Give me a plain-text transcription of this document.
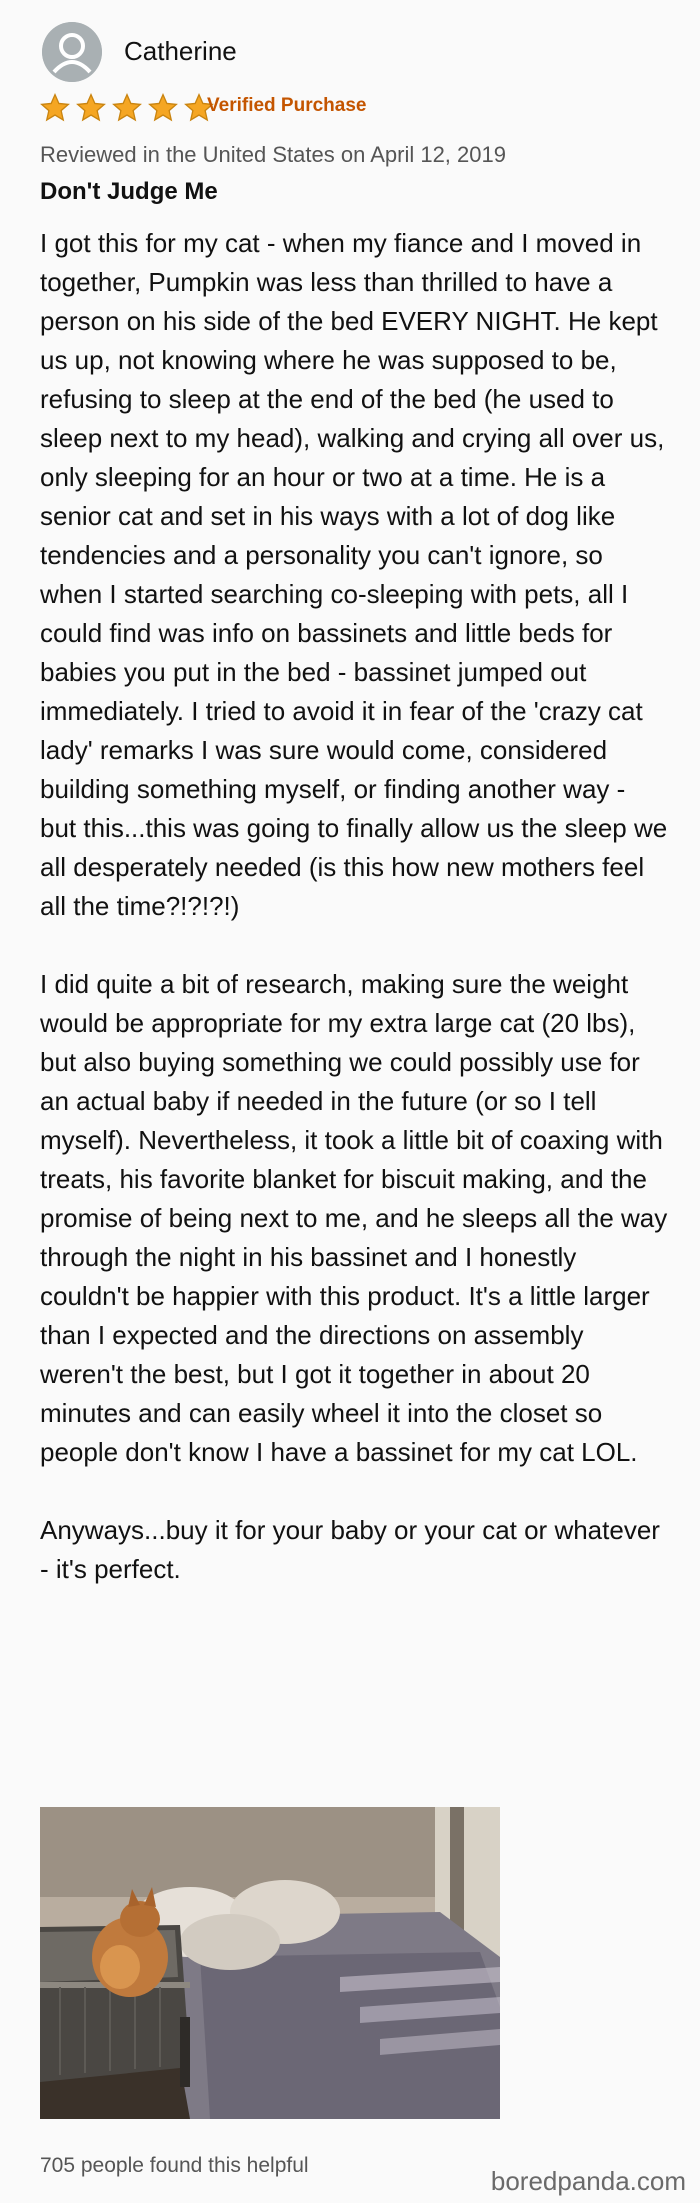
Catherine
Verified Purchase
Reviewed in the United States on April 12, 2019
Don't Judge Me

I got this for my cat - when my fiance and I moved in together, Pumpkin was less than thrilled to have a person on his side of the bed EVERY NIGHT. He kept us up, not knowing where he was supposed to be, refusing to sleep at the end of the bed (he used to sleep next to my head), walking and crying all over us, only sleeping for an hour or two at a time. He is a senior cat and set in his ways with a lot of dog like tendencies and a personality you can't ignore, so when I started searching co-sleeping with pets, all I could find was info on bassinets and little beds for babies you put in the bed - bassinet jumped out immediately. I tried to avoid it in fear of the 'crazy cat lady' remarks I was sure would come, considered building something myself, or finding another way - but this...this was going to finally allow us the sleep we all desperately needed (is this how new mothers feel all the time?!?!?!)

I did quite a bit of research, making sure the weight would be appropriate for my extra large cat (20 lbs), but also buying something we could possibly use for an actual baby if needed in the future (or so I tell myself). Nevertheless, it took a little bit of coaxing with treats, his favorite blanket for biscuit making, and the promise of being next to me, and he sleeps all the way through the night in his bassinet and I honestly couldn't be happier with this product. It's a little larger than I expected and the directions on assembly weren't the best, but I got it together in about 20 minutes and can easily wheel it into the closet so people don't know I have a bassinet for my cat LOL.

Anyways...buy it for your baby or your cat or whatever - it's perfect.

705 people found this helpful
boredpanda.com
